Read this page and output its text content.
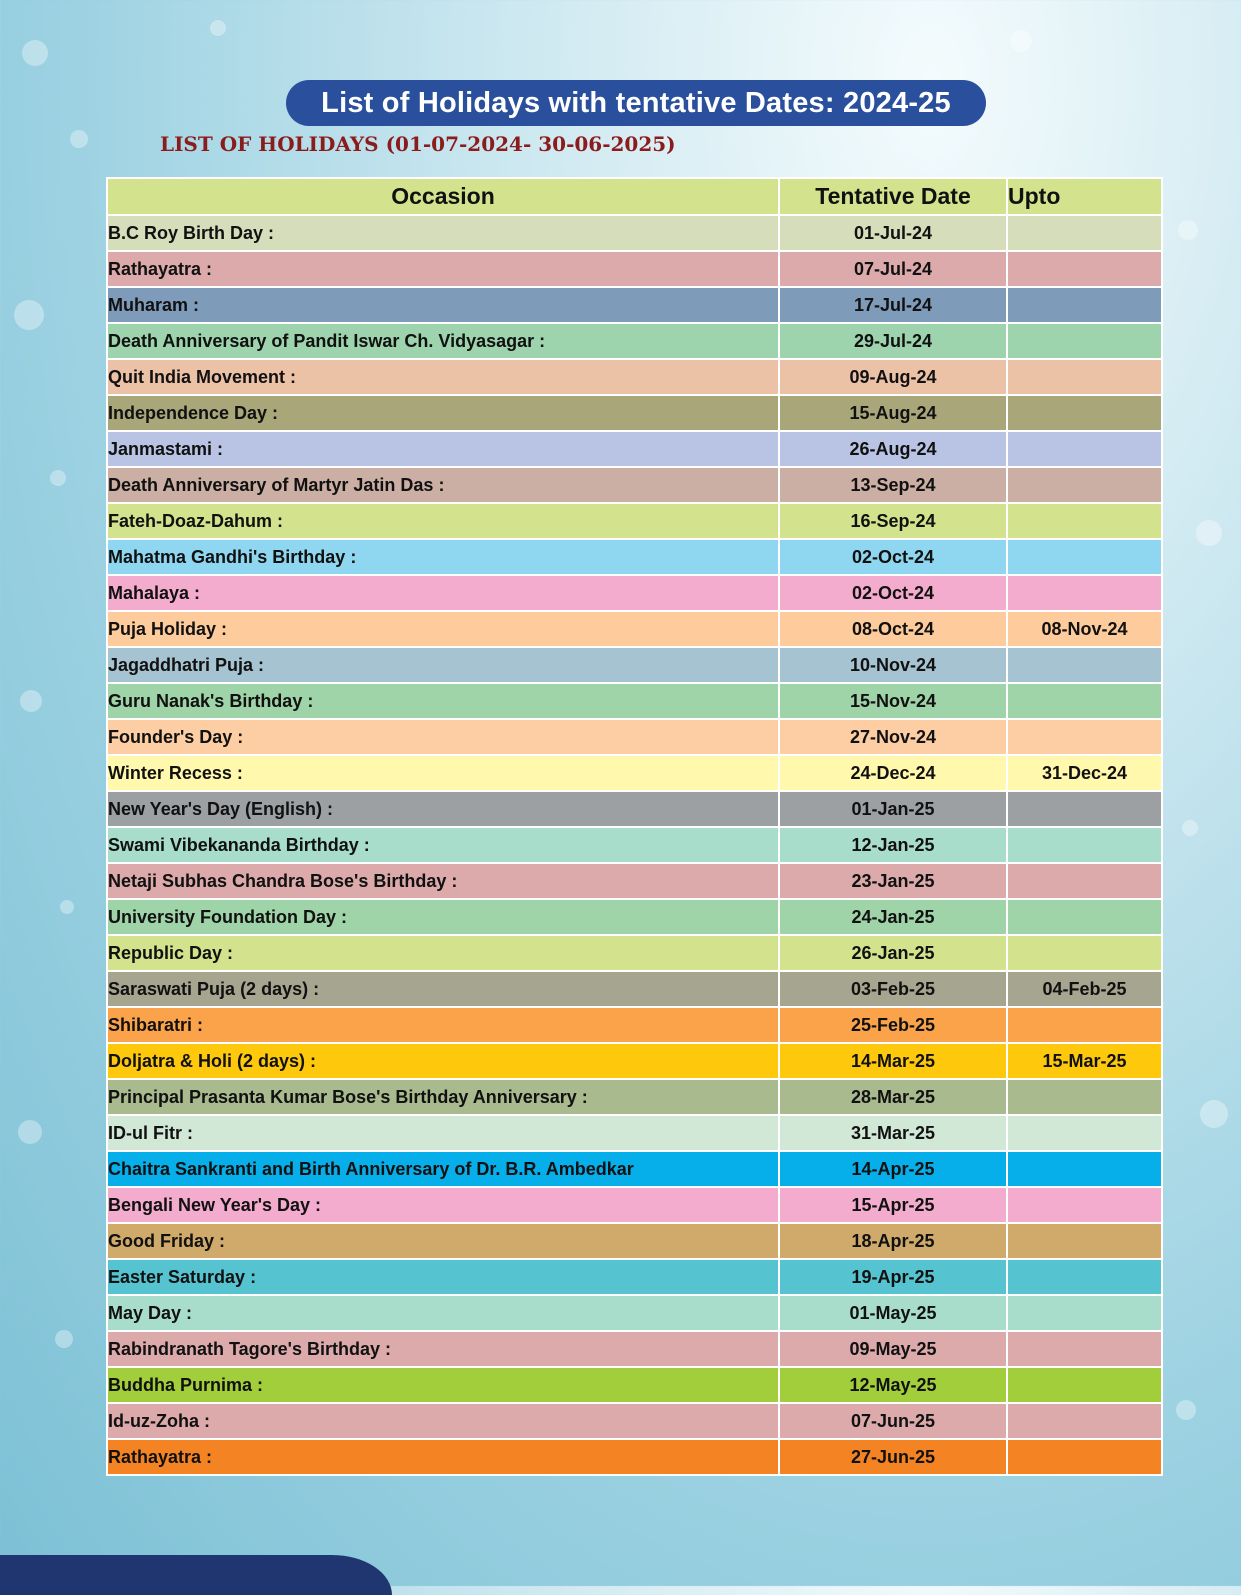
List of Holidays with tentative Dates: 2024-25
LIST OF HOLIDAYS (01-07-2024- 30-06-2025)
Occasion	Tentative Date	Upto
B.C Roy Birth Day :	01-Jul-24	
Rathayatra :	07-Jul-24	
Muharam :	17-Jul-24	
Death Anniversary of Pandit Iswar Ch. Vidyasagar :	29-Jul-24	
Quit India Movement :	09-Aug-24	
Independence Day :	15-Aug-24	
Janmastami :	26-Aug-24	
Death Anniversary of Martyr Jatin Das :	13-Sep-24	
Fateh-Doaz-Dahum :	16-Sep-24	
Mahatma Gandhi's Birthday :	02-Oct-24	
Mahalaya :	02-Oct-24	
Puja Holiday :	08-Oct-24	08-Nov-24
Jagaddhatri Puja :	10-Nov-24	
Guru Nanak's Birthday :	15-Nov-24	
Founder's Day :	27-Nov-24	
Winter Recess :	24-Dec-24	31-Dec-24
New Year's Day (English) :	01-Jan-25	
Swami Vibekananda Birthday :	12-Jan-25	
Netaji Subhas Chandra Bose's Birthday :	23-Jan-25	
University Foundation Day :	24-Jan-25	
Republic Day :	26-Jan-25	
Saraswati Puja (2 days) :	03-Feb-25	04-Feb-25
Shibaratri :	25-Feb-25	
Doljatra & Holi (2 days) :	14-Mar-25	15-Mar-25
Principal Prasanta Kumar Bose's Birthday Anniversary :	28-Mar-25	
ID-ul Fitr :	31-Mar-25	
Chaitra Sankranti and Birth Anniversary of Dr. B.R. Ambedkar	14-Apr-25	
Bengali New Year's Day :	15-Apr-25	
Good Friday :	18-Apr-25	
Easter Saturday :	19-Apr-25	
May Day :	01-May-25	
Rabindranath Tagore's Birthday :	09-May-25	
Buddha Purnima :	12-May-25	
Id-uz-Zoha :	07-Jun-25	
Rathayatra :	27-Jun-25	
